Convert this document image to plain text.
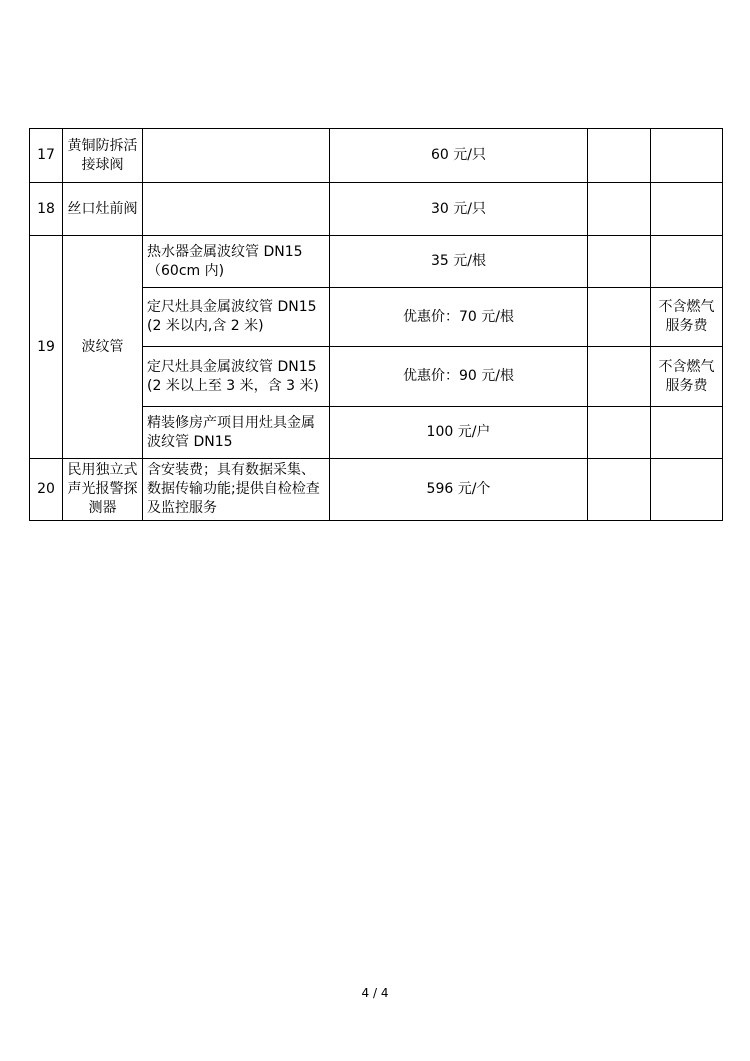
17	黄铜防拆活接球阀		60 元/只		
18	丝口灶前阀		30 元/只		
19	波纹管	热水器金属波纹管 DN15（60cm 内)	35 元/根		
		定尺灶具金属波纹管 DN15(2 米以内,含 2 米)	优惠价：70 元/根		不含燃气服务费
		定尺灶具金属波纹管 DN15(2 米以上至 3 米，含 3 米)	优惠价：90 元/根		不含燃气服务费
		精装修房产项目用灶具金属波纹管 DN15	100 元/户		
20	民用独立式声光报警探测器	含安装费；具有数据采集、数据传输功能;提供自检检查及监控服务	596 元/个		
4 / 4
